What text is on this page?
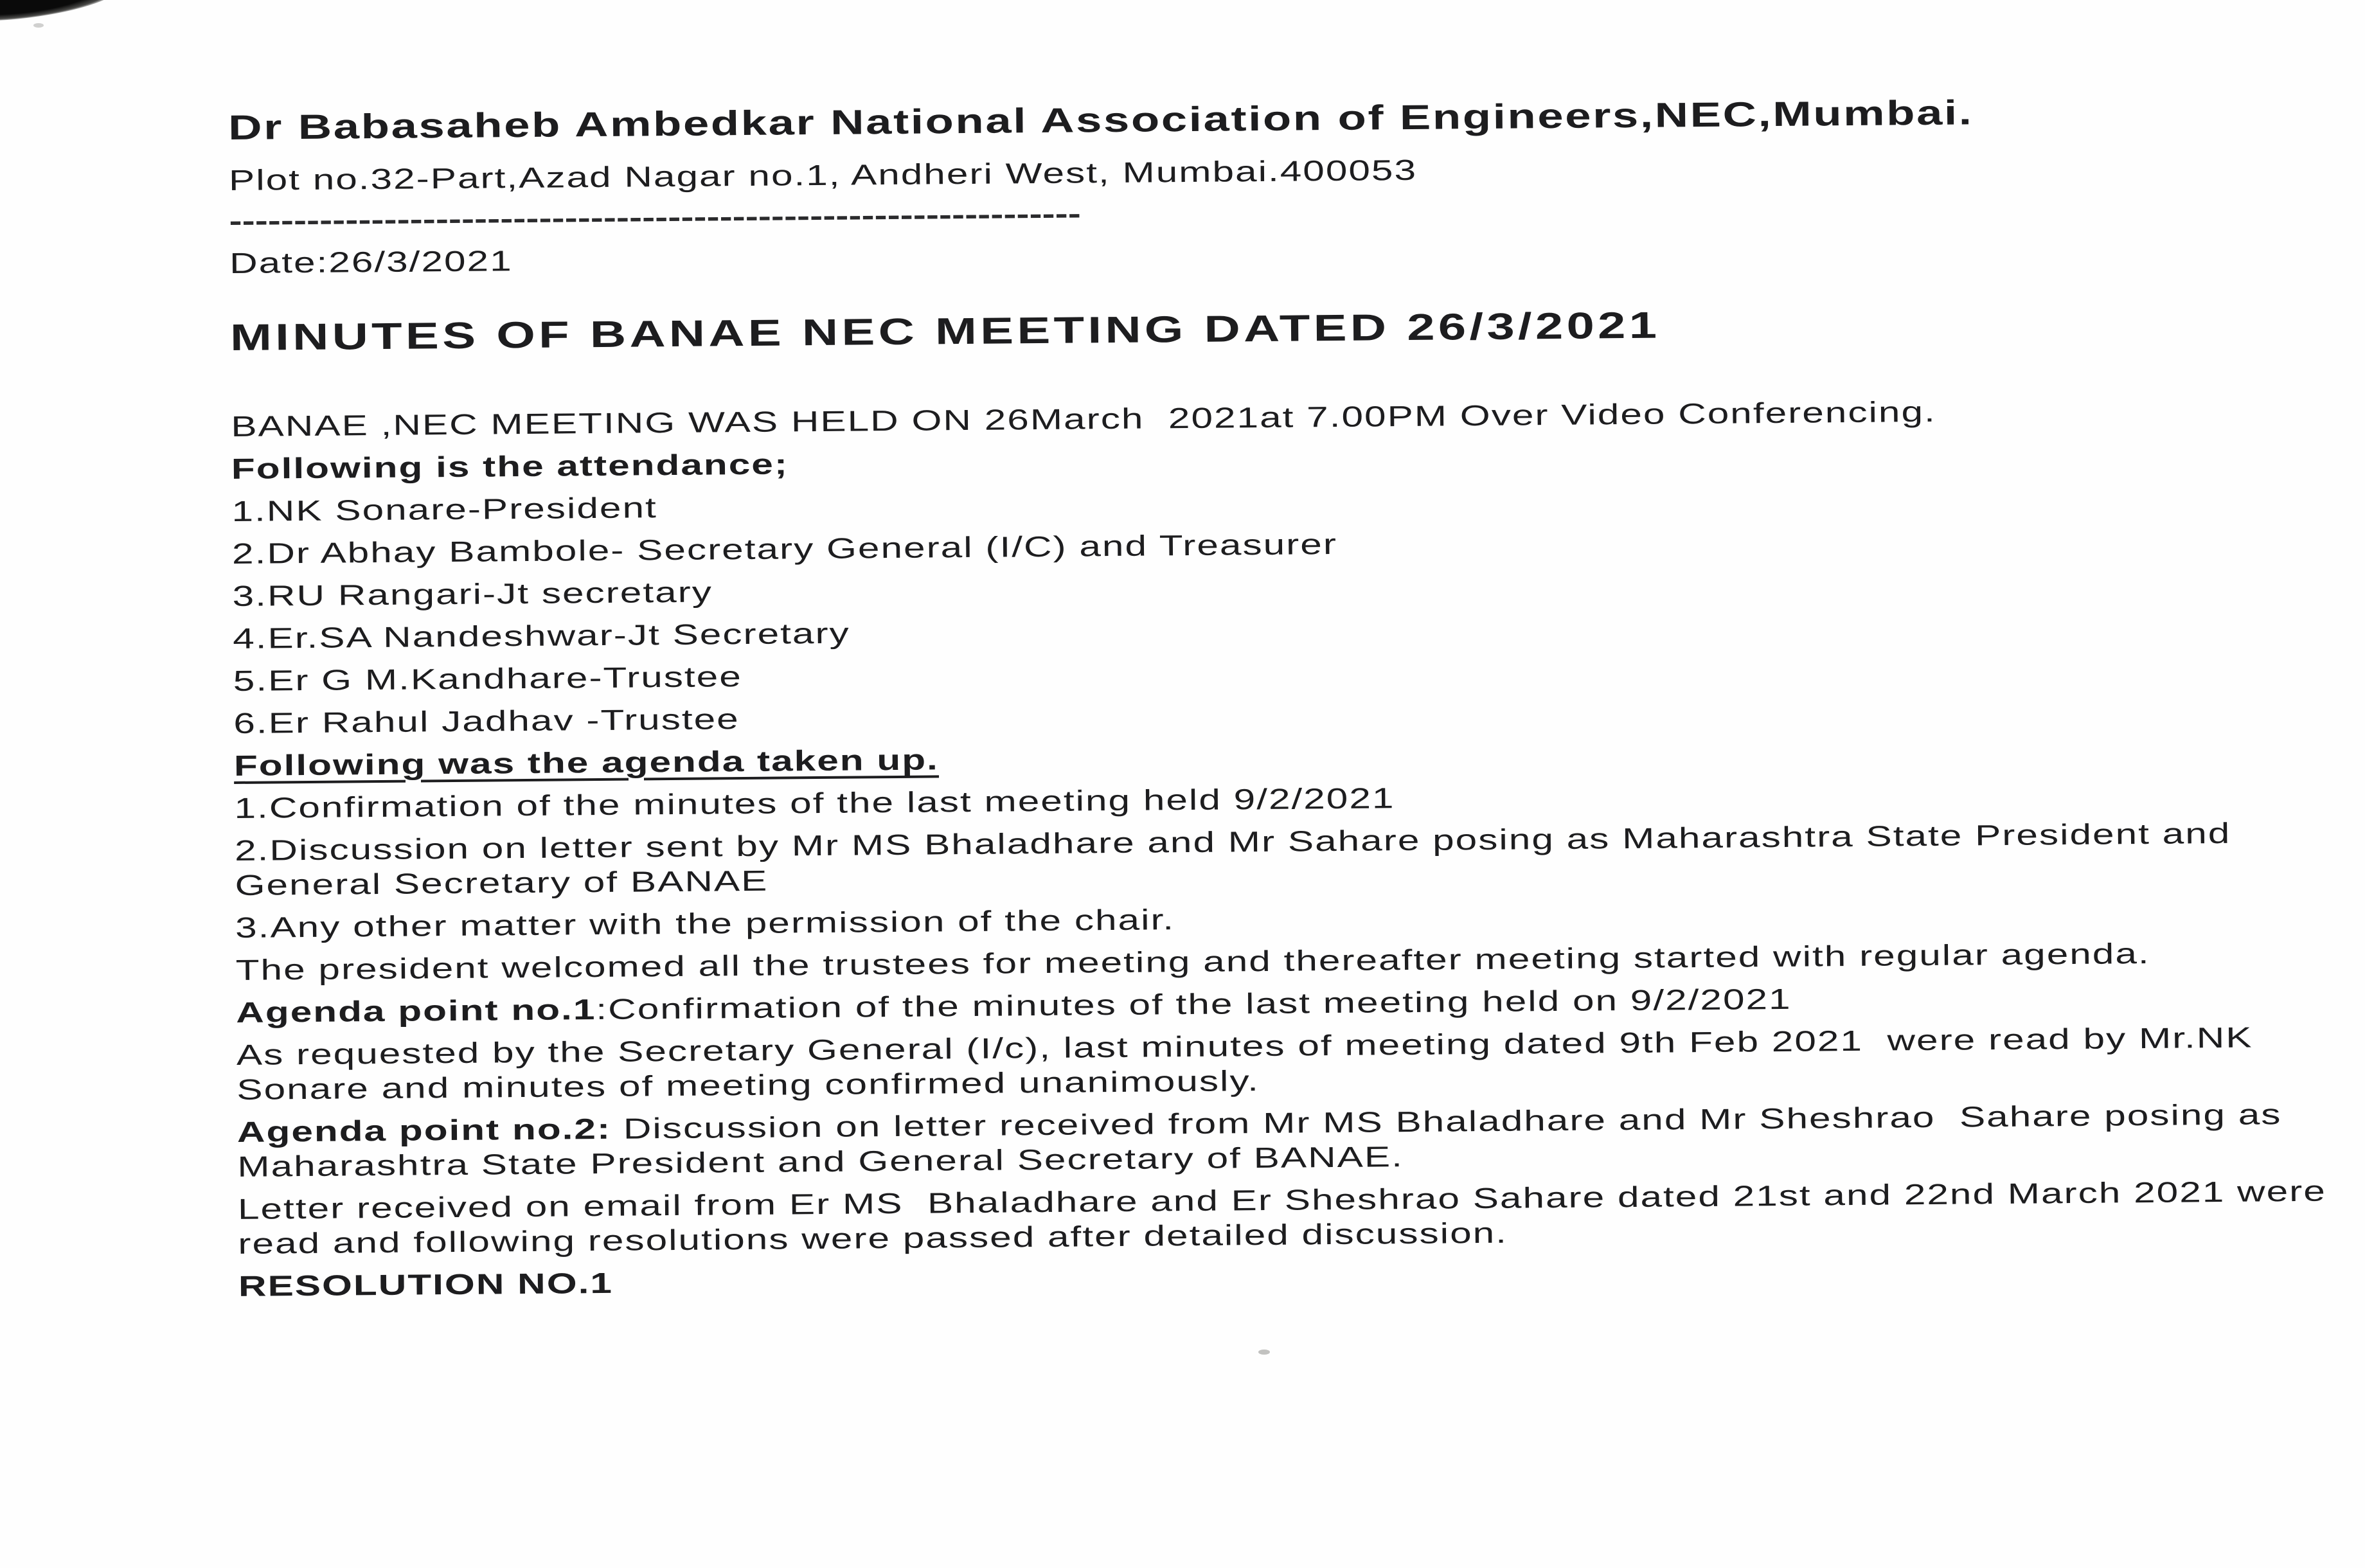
Dr Babasaheb Ambedkar National Association of Engineers,NEC,Mumbai.

Plot no.32-Part,Azad Nagar no.1, Andheri West, Mumbai.400053

------------------------------------------------------------------

Date:26/3/2021

MINUTES OF BANAE NEC MEETING DATED 26/3/2021

BANAE ,NEC MEETING WAS HELD ON 26March  2021at 7.00PM Over Video Conferencing.

Following is the attendance;

1.NK Sonare-President

2.Dr Abhay Bambole- Secretary General (I/C) and Treasurer

3.RU Rangari-Jt secretary

4.Er.SA Nandeshwar-Jt Secretary

5.Er G M.Kandhare-Trustee

6.Er Rahul Jadhav -Trustee

Following was the agenda taken up.

1.Confirmation of the minutes of the last meeting held 9/2/2021

2.Discussion on letter sent by Mr MS Bhaladhare and Mr Sahare posing as Maharashtra State President and General Secretary of BANAE

3.Any other matter with the permission of the chair.

The president welcomed all the trustees for meeting and thereafter meeting started with regular agenda.

Agenda point no.1:Confirmation of the minutes of the last meeting held on 9/2/2021

As requested by the Secretary General (I/c), last minutes of meeting dated 9th Feb 2021  were read by Mr.NK Sonare and minutes of meeting confirmed unanimously.

Agenda point no.2: Discussion on letter received from Mr MS Bhaladhare and Mr Sheshrao  Sahare posing as Maharashtra State President and General Secretary of BANAE.

Letter received on email from Er MS  Bhaladhare and Er Sheshrao Sahare dated 21st and 22nd March 2021 were read and following resolutions were passed after detailed discussion.

RESOLUTION NO.1
